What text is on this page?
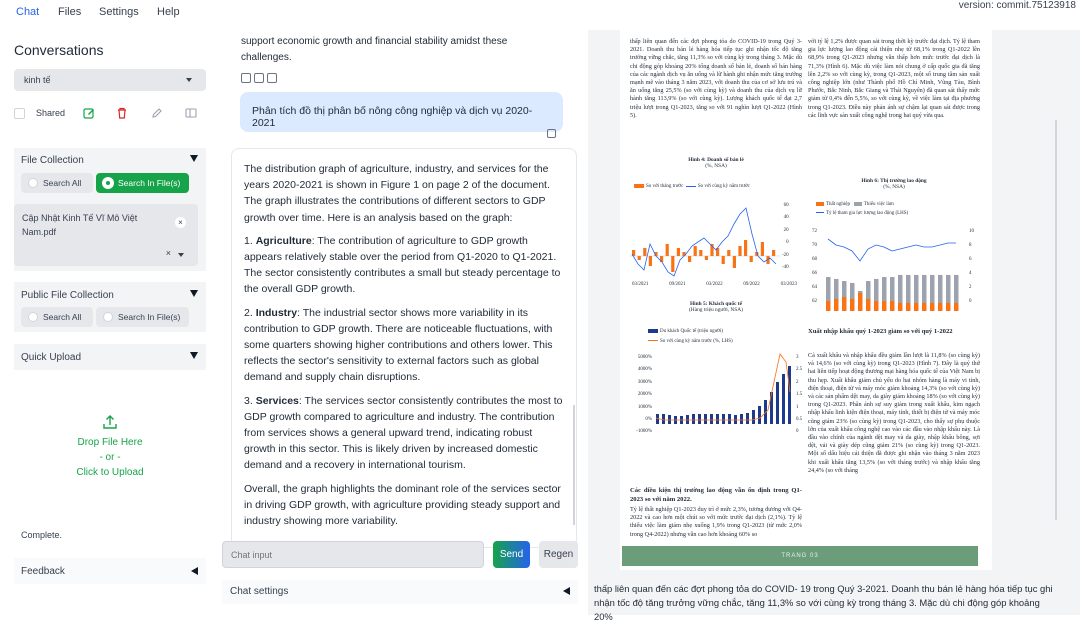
Chat Files Settings Help
version: commit.75123918
Conversations
kinh tế
Shared
File Collection
Search All	Search In File(s)
Cập Nhật Kinh Tế Vĩ Mô Việt Nam.pdf
×
×
Public File Collection
Search All	Search In File(s)
Quick Upload
Drop File Here
- or -
Click to Upload
Complete.
Feedback
support economic growth and financial stability amidst these challenges.
Phân tích đồ thị phân bố nông công nghiệp và dịch vụ 2020-2021

The distribution graph of agriculture, industry, and services for the years 2020-2021 is shown in Figure 1 on page 2 of the document. The graph illustrates the contributions of different sectors to GDP growth over time. Here is an analysis based on the graph:

1. Agriculture: The contribution of agriculture to GDP growth appears relatively stable over the period from Q1-2020 to Q1-2021. The sector consistently contributes a small but steady percentage to the overall GDP growth.

2. Industry: The industrial sector shows more variability in its contribution to GDP growth. There are noticeable fluctuations, with some quarters showing higher contributions and others lower. This reflects the sector's sensitivity to external factors such as global demand and supply chain disruptions.

3. Services: The services sector consistently contributes the most to GDP growth compared to agriculture and industry. The contribution from services shows a general upward trend, indicating robust growth in this sector. This is likely driven by increased domestic demand and a recovery in international tourism.

Overall, the graph highlights the dominant role of the services sector in driving GDP growth, with agriculture providing steady support and industry showing more variability.

Chat input
Send	Regen
Chat settings
thấp liên quan đến các đợt phong tỏa do COVID-19 trong Quý 3-2021. Doanh thu bán lẻ hàng hóa tiếp tục ghi nhận tốc độ tăng trưởng vững chắc, tăng 11,3% so với cùng kỳ trong tháng 3. Mặc dù chi động góp khoảng 20% tổng doanh số bán lẻ, doanh số bán hàng của các ngành dịch vụ ăn uống và lữ hành ghi nhận mức tăng trưởng mạnh mẽ vào tháng 3 năm 2023, với doanh thu của cơ sở lưu trú và ăn uống tăng 25,5% (so với cùng kỳ) và doanh thu của dịch vụ lữ hành tăng 113,9% (so với cùng kỳ). Lượng khách quốc tế đạt 2,7 triệu lượt trong Q1-2023, tăng so với 91 nghìn lượt Q1-2022 (Hình 5).
với tỷ lệ 1,2% được quan sát trong thời kỳ trước đại dịch. Tỷ lệ tham gia lực lượng lao động cải thiện nhẹ từ 68,1% trong Q1-2022 lên 68,9% trong Q1-2023 nhưng vẫn thấp hơn mức trước đại dịch là 71,3% (Hình 6). Mặc dù việc làm nói chung ở cấp quốc gia đã tăng lên 2,2% so với cùng kỳ, trong Q1-2023, một số trung tâm sản xuất công nghiệp lớn (như Thành phố Hồ Chí Minh, Vũng Tàu, Bình Phước, Bắc Ninh, Bắc Giang và Thái Nguyên) đã quan sát thấy mức giảm từ 0,4% đến 5,5%, so với cùng kỳ, về việc làm tại địa phương trong Q1-2023. Điều này phản ánh sự chậm lại quan sát được trong các lĩnh vực sản xuất công nghệ trong hai quý vừa qua.
Hình 4: Doanh số bán lẻ
(%, NSA)
So với tháng trước	So với cùng kỳ năm trước
60
40
20
0
-20
-40
03/2021	09/2021	03/2022	09/2022	03/2023
Hình 5: Khách quốc tế
(Hàng triệu người, NSA)
Du khách Quốc tế (triệu người)
So với cùng kỳ năm trước (%, LHS)
5000%
4000%
3000%
2000%
1000%
0%
-1000%
3
2.5
2
1.5
1
0.5
0
Các điều kiện thị trường lao động vẫn ổn định trong Q1-2023 so với năm 2022.
Tỷ lệ thất nghiệp Q1-2023 duy trì ở mức 2,3%, tương đương với Q4-2022 và cao hơn một chút so với mức trước đại dịch (2,1%). Tỷ lệ thiếu việc làm giảm nhẹ xuống 1,9% trong Q1-2023 (từ mức 2,0% trong Q4-2022) nhưng vẫn cao hơn khoảng 60% so
Hình 6: Thị trường lao động
(%, NSA)
Thất nghiệp	Thiếu việc làm
Tỷ lệ tham gia lực lượng lao động (LHS)
72
70
68
66
64
62
10
8
6
4
2
0
Xuất nhập khẩu quý 1-2023 giảm so với quý 1-2022
Cả xuất khẩu và nhập khẩu đều giảm lần lượt là 11,8% (so cùng kỳ) và 14,6% (so với cùng kỳ) trong Q1-2023 (Hình 7). Đây là quý thứ hai liên tiếp hoạt động thương mại hàng hóa quốc tế của Việt Nam bị thu hẹp. Xuất khẩu giảm chủ yếu do hai nhóm hàng là máy vi tính, điện thoại, điện tử và máy móc giảm khoảng 14,3% (so với cùng kỳ) và các sản phẩm dệt may, da giày giảm khoảng 18% (so với cùng kỳ) trong Q1-2023. Phân ánh sự suy giảm trong xuất khẩu, kim ngạch nhập khẩu linh kiện điện thoại, máy tính, thiết bị điện tử và máy móc cũng giảm 23% (so cùng kỳ) trong Q1-2023, cho thấy sự phụ thuộc lớn của xuất khẩu công nghệ cao vào các đầu vào nhập khẩu này. Là đầu vào chính của ngành dệt may và da giày, nhập khẩu bông, sợi dệt, vải và giày dép cũng giảm 21% (so cùng kỳ) trong Q1-2023. Một số dấu hiệu cải thiện đã được ghi nhận vào tháng 3 năm 2023 khi xuất khẩu tăng 13,5% (so với tháng trước) và nhập khẩu tăng 24,4% (so với tháng
TRANG 03
thấp liên quan đến các đợt phong tỏa do COVID- 19 trong Quý 3-2021. Doanh thu bán lẻ hàng hóa tiếp tục ghi nhận tốc độ tăng trưởng vững chắc, tăng 11,3% so với cùng kỳ trong tháng 3. Mặc dù chi động góp khoảng 20%
